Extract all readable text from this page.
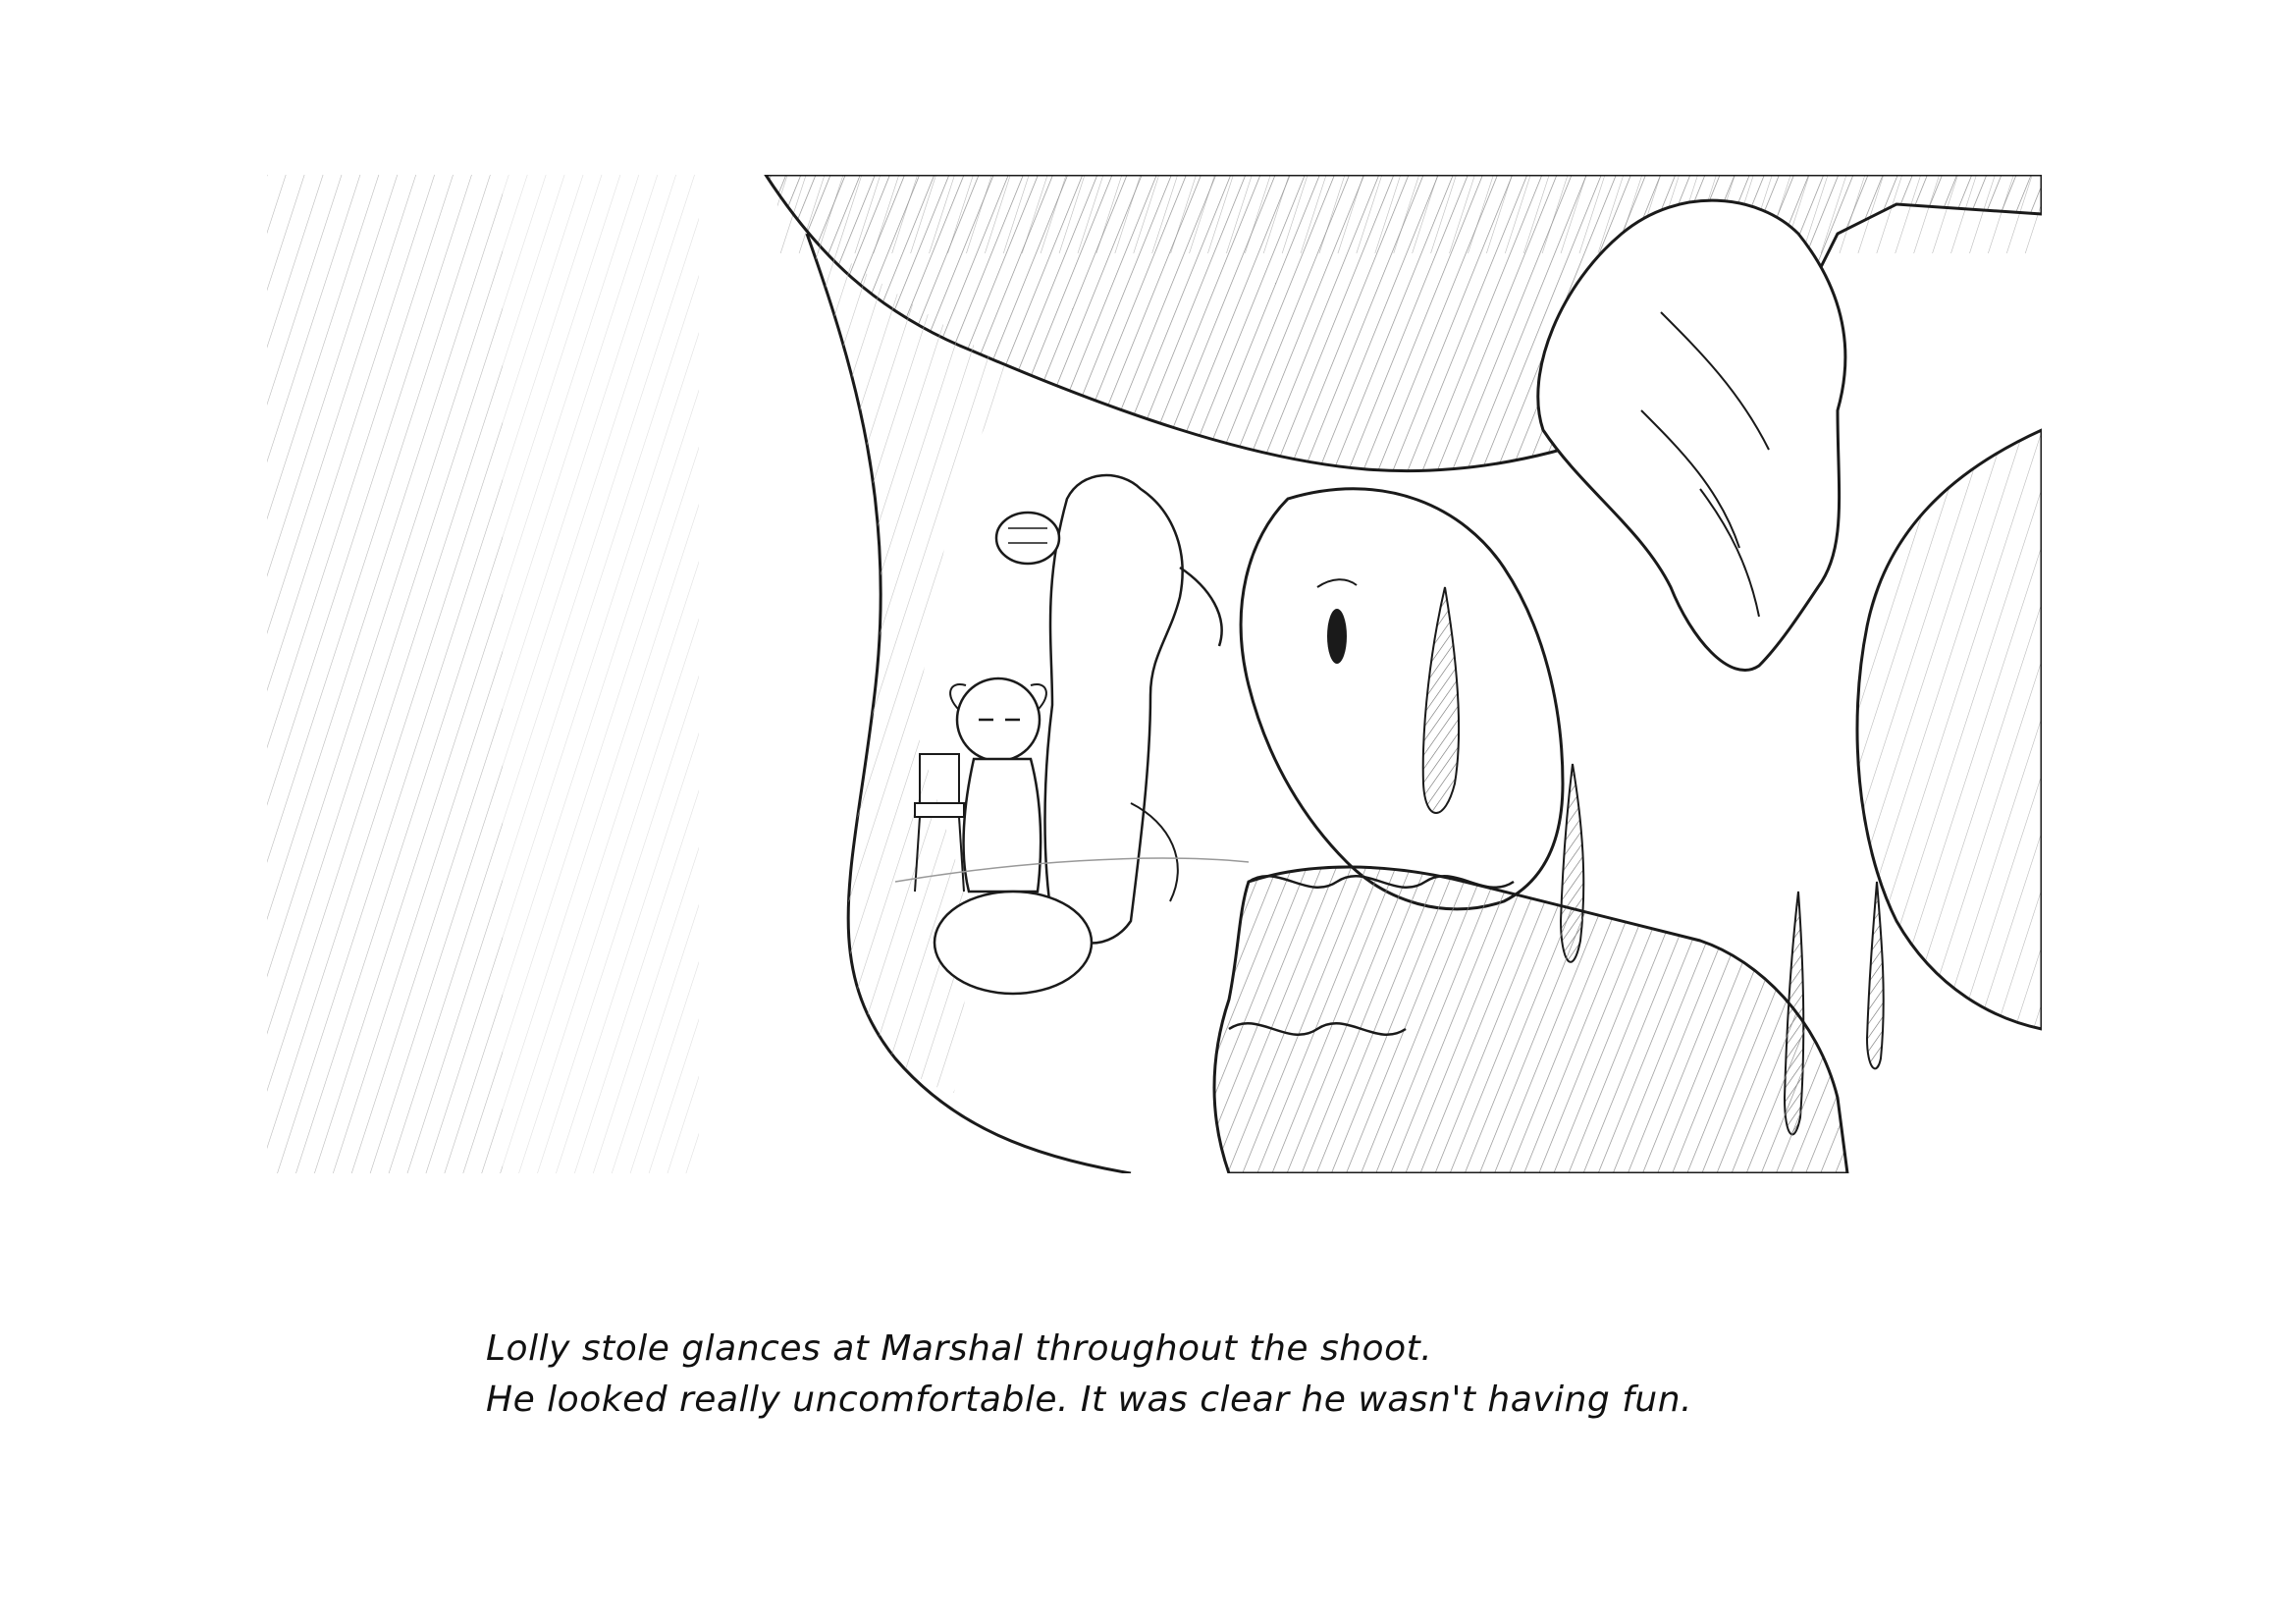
Lolly stole glances at Marshal throughout the shoot.
He looked really uncomfortable. It was clear he wasn't having fun.
